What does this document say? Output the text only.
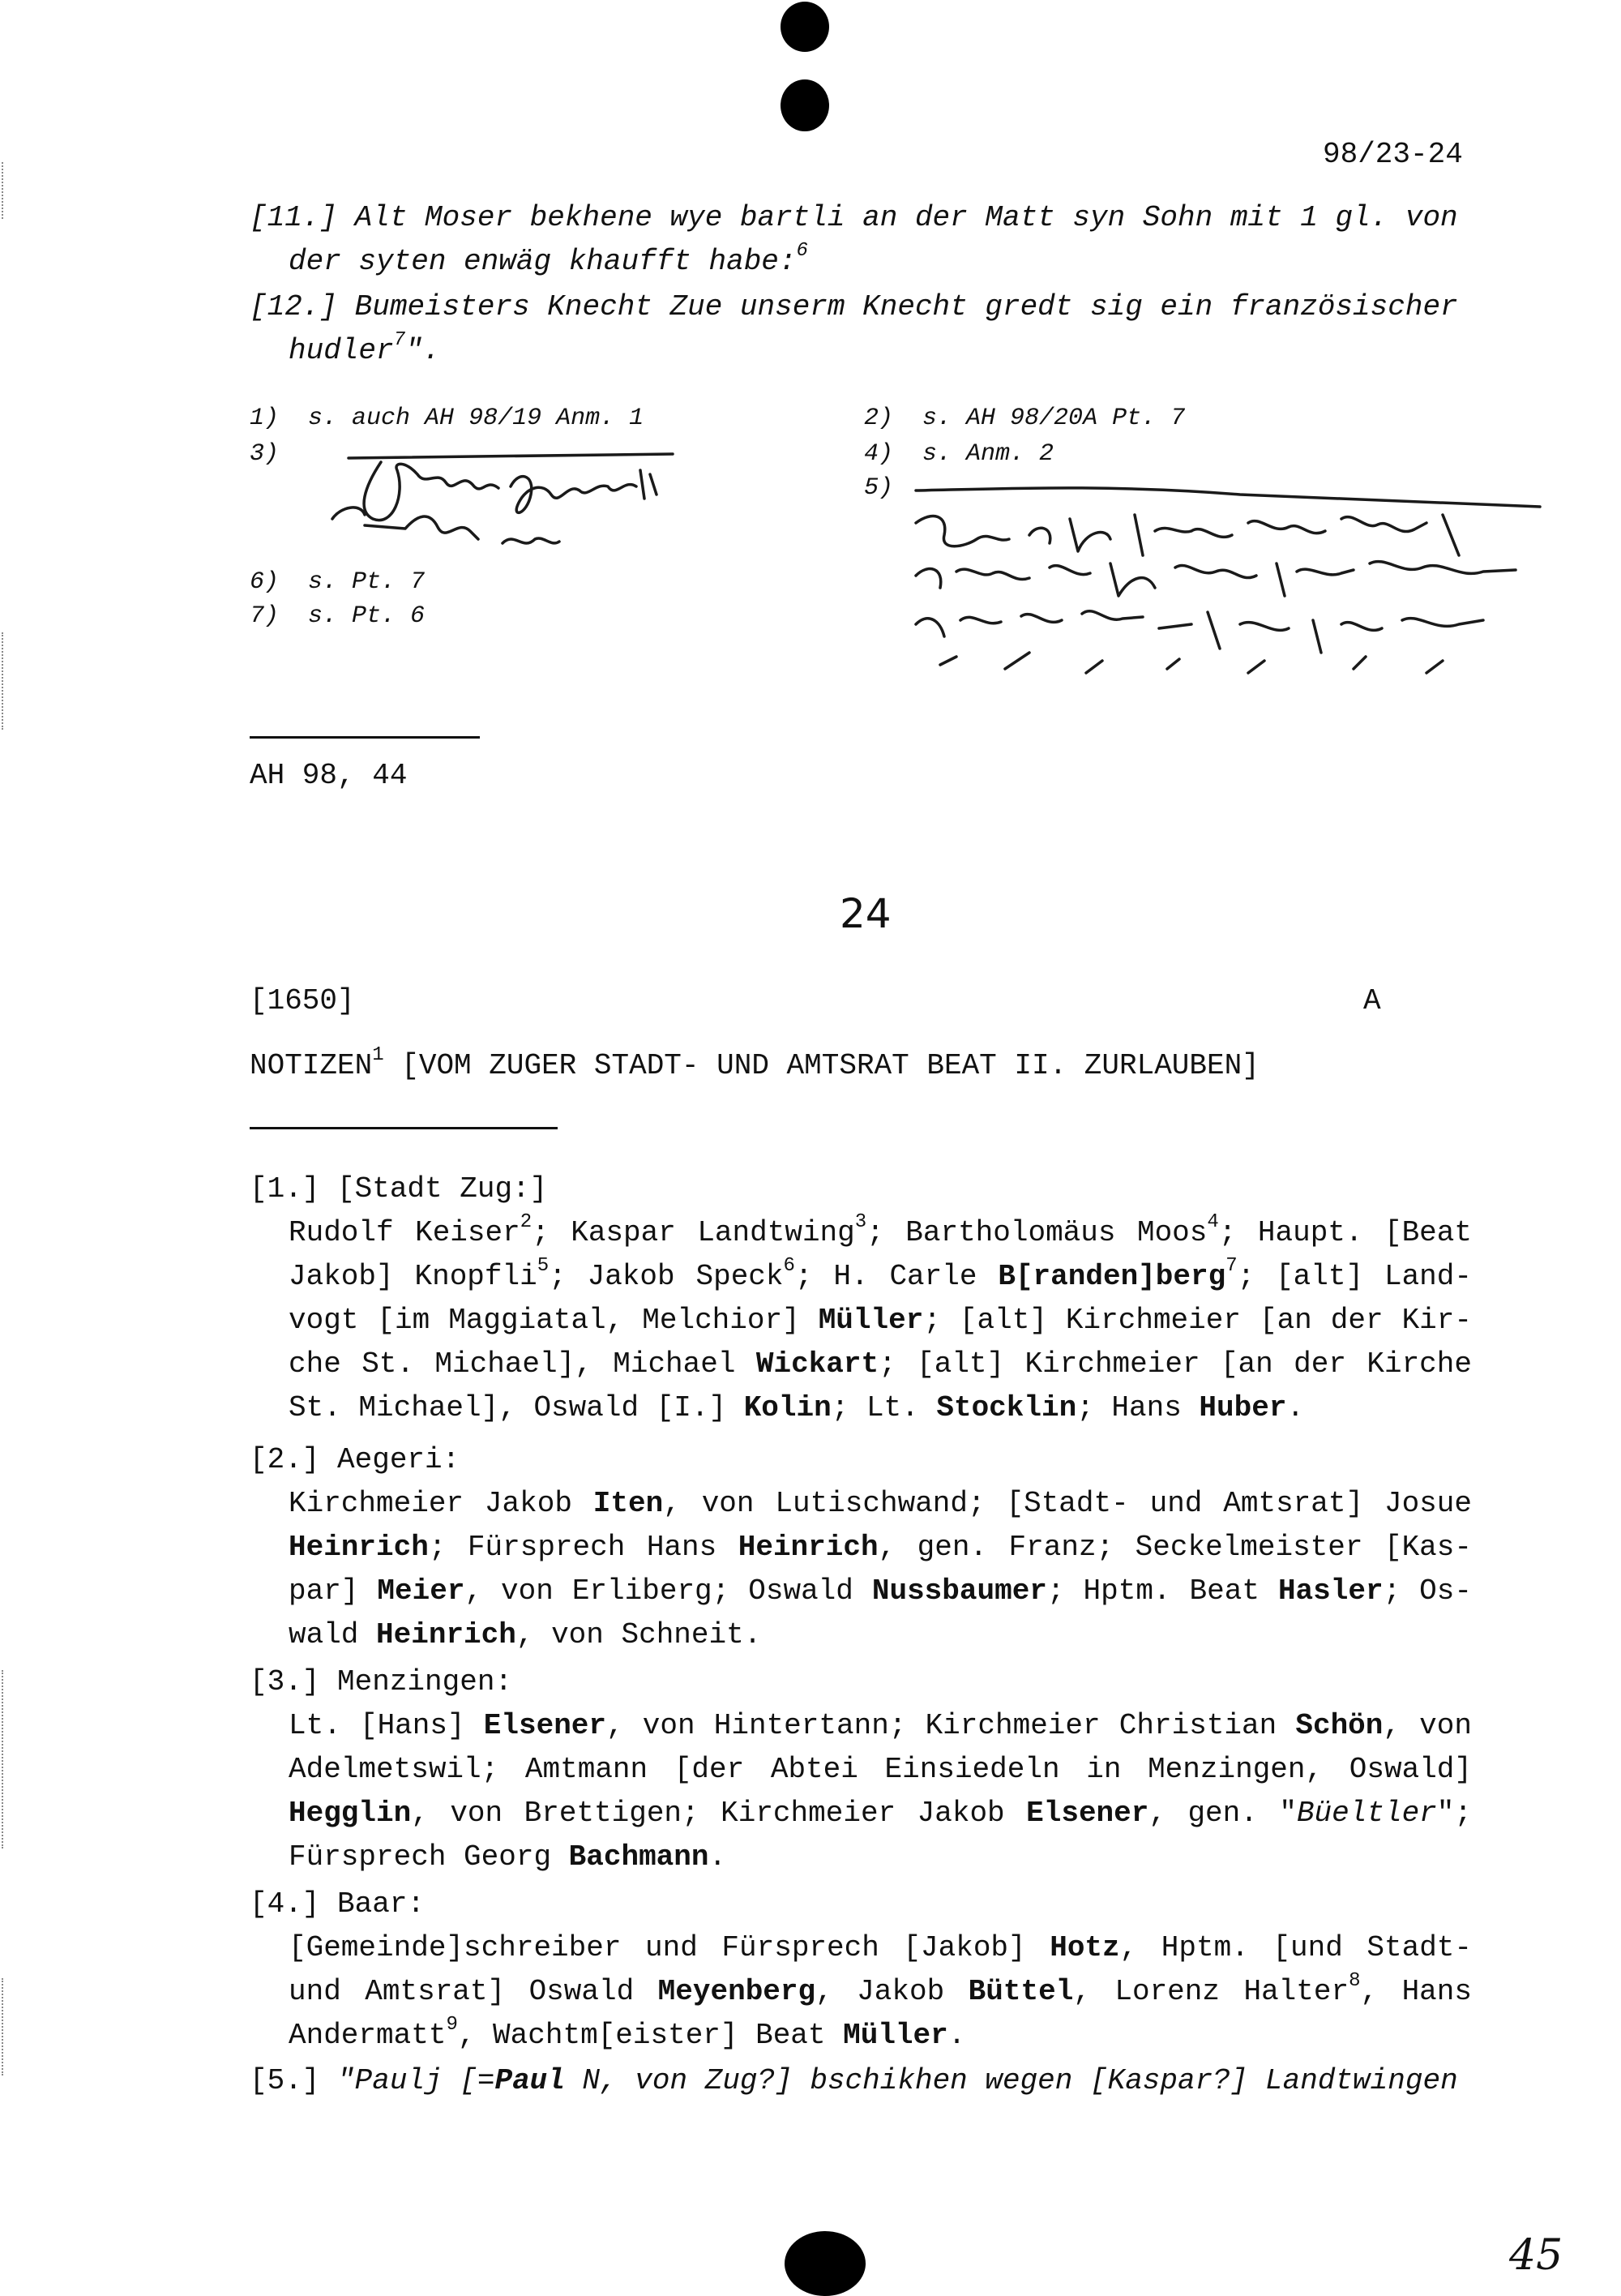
98/23-24
[11.] Alt Moser bekhene wye bartli an der Matt syn Sohn mit 1 gl. von
der syten enwäg khaufft habe:$^6$
[12.] Bumeisters Knecht Zue unserm Knecht gredt sig ein französischer
hudler$^7$".
1) s. auch AH 98/19 Anm. 1
3)
6) s. Pt. 7
7) s. Pt. 6
2) s. AH 98/20A Pt. 7
4) s. Anm. 2
5)
AH 98, 44
24
[1650]	A
NOTIZEN$^1$ [VOM ZUGER STADT- UND AMTSRAT BEAT II. ZURLAUBEN]
[1.] [Stadt Zug:]
Rudolf Keiser$^2$; Kaspar Landtwing$^3$; Bartholomäus Moos$^4$; Haupt. [Beat Jakob] Knopfli$^5$; Jakob Speck$^6$; H. Carle B[randen]berg$^7$; [alt] Landvogt [im Maggiatal, Melchior] Müller; [alt] Kirchmeier [an der Kirche St. Michael], Michael Wickart; [alt] Kirchmeier [an der Kirche St. Michael], Oswald [I.] Kolin; Lt. Stocklin; Hans Huber.
[2.] Aegeri:
Kirchmeier Jakob Iten, von Lutischwand; [Stadt- und Amtsrat] Josue Heinrich; Fürsprech Hans Heinrich, gen. Franz; Seckelmeister [Kaspar] Meier, von Erliberg; Oswald Nussbaumer; Hptm. Beat Hasler; Oswald Heinrich, von Schneit.
[3.] Menzingen:
Lt. [Hans] Elsener, von Hintertann; Kirchmeier Christian Schön, von Adelmetswil; Amtmann [der Abtei Einsiedeln in Menzingen, Oswald] Hegglin, von Brettigen; Kirchmeier Jakob Elsener, gen. "Büeltler"; Fürsprech Georg Bachmann.
[4.] Baar:
[Gemeinde]schreiber und Fürsprech [Jakob] Hotz, Hptm. [und Stadt- und Amtsrat] Oswald Meyenberg, Jakob Büttel, Lorenz Halter$^8$, Hans Andermatt$^9$, Wachtm[eister] Beat Müller.
[5.] "Paulj [=Paul N, von Zug?] bschikhen wegen [Kaspar?] Landtwingen
45
